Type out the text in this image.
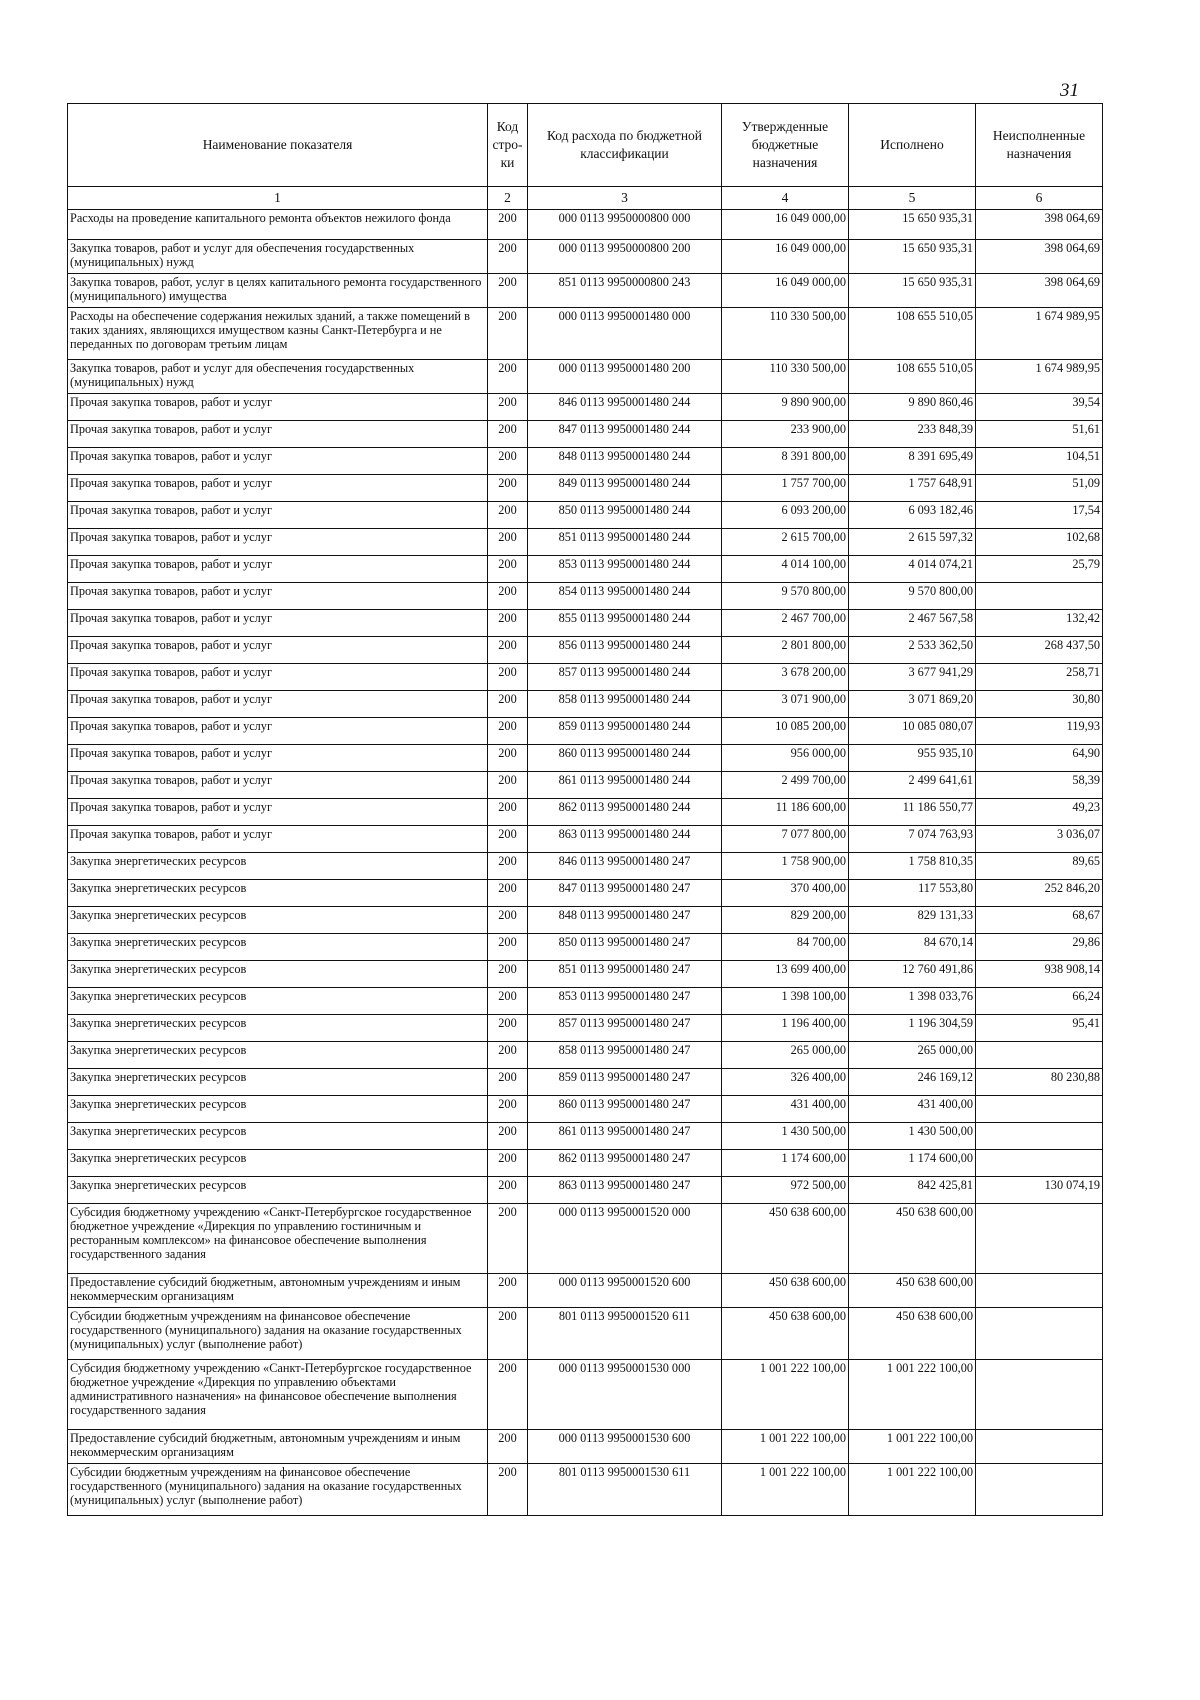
31
Наименование показателя	Код стро-ки	Код расхода по бюджетной классификации	Утвержденные бюджетные назначения	Исполнено	Неисполненные назначения
1	2	3	4	5	6
Расходы на проведение капитального ремонта объектов нежилого фонда	200	000 0113 9950000800 000	16 049 000,00	15 650 935,31	398 064,69
Закупка товаров, работ и услуг для обеспечения государственных (муниципальных) нужд	200	000 0113 9950000800 200	16 049 000,00	15 650 935,31	398 064,69
Закупка товаров, работ, услуг в целях капитального ремонта государственного (муниципального) имущества	200	851 0113 9950000800 243	16 049 000,00	15 650 935,31	398 064,69
Расходы на обеспечение содержания нежилых зданий, а также помещений в таких зданиях, являющихся имуществом казны Санкт-Петербурга и не переданных по договорам третьим лицам	200	000 0113 9950001480 000	110 330 500,00	108 655 510,05	1 674 989,95
Закупка товаров, работ и услуг для обеспечения государственных (муниципальных) нужд	200	000 0113 9950001480 200	110 330 500,00	108 655 510,05	1 674 989,95
Прочая закупка товаров, работ и услуг	200	846 0113 9950001480 244	9 890 900,00	9 890 860,46	39,54
Прочая закупка товаров, работ и услуг	200	847 0113 9950001480 244	233 900,00	233 848,39	51,61
Прочая закупка товаров, работ и услуг	200	848 0113 9950001480 244	8 391 800,00	8 391 695,49	104,51
Прочая закупка товаров, работ и услуг	200	849 0113 9950001480 244	1 757 700,00	1 757 648,91	51,09
Прочая закупка товаров, работ и услуг	200	850 0113 9950001480 244	6 093 200,00	6 093 182,46	17,54
Прочая закупка товаров, работ и услуг	200	851 0113 9950001480 244	2 615 700,00	2 615 597,32	102,68
Прочая закупка товаров, работ и услуг	200	853 0113 9950001480 244	4 014 100,00	4 014 074,21	25,79
Прочая закупка товаров, работ и услуг	200	854 0113 9950001480 244	9 570 800,00	9 570 800,00	
Прочая закупка товаров, работ и услуг	200	855 0113 9950001480 244	2 467 700,00	2 467 567,58	132,42
Прочая закупка товаров, работ и услуг	200	856 0113 9950001480 244	2 801 800,00	2 533 362,50	268 437,50
Прочая закупка товаров, работ и услуг	200	857 0113 9950001480 244	3 678 200,00	3 677 941,29	258,71
Прочая закупка товаров, работ и услуг	200	858 0113 9950001480 244	3 071 900,00	3 071 869,20	30,80
Прочая закупка товаров, работ и услуг	200	859 0113 9950001480 244	10 085 200,00	10 085 080,07	119,93
Прочая закупка товаров, работ и услуг	200	860 0113 9950001480 244	956 000,00	955 935,10	64,90
Прочая закупка товаров, работ и услуг	200	861 0113 9950001480 244	2 499 700,00	2 499 641,61	58,39
Прочая закупка товаров, работ и услуг	200	862 0113 9950001480 244	11 186 600,00	11 186 550,77	49,23
Прочая закупка товаров, работ и услуг	200	863 0113 9950001480 244	7 077 800,00	7 074 763,93	3 036,07
Закупка энергетических ресурсов	200	846 0113 9950001480 247	1 758 900,00	1 758 810,35	89,65
Закупка энергетических ресурсов	200	847 0113 9950001480 247	370 400,00	117 553,80	252 846,20
Закупка энергетических ресурсов	200	848 0113 9950001480 247	829 200,00	829 131,33	68,67
Закупка энергетических ресурсов	200	850 0113 9950001480 247	84 700,00	84 670,14	29,86
Закупка энергетических ресурсов	200	851 0113 9950001480 247	13 699 400,00	12 760 491,86	938 908,14
Закупка энергетических ресурсов	200	853 0113 9950001480 247	1 398 100,00	1 398 033,76	66,24
Закупка энергетических ресурсов	200	857 0113 9950001480 247	1 196 400,00	1 196 304,59	95,41
Закупка энергетических ресурсов	200	858 0113 9950001480 247	265 000,00	265 000,00	
Закупка энергетических ресурсов	200	859 0113 9950001480 247	326 400,00	246 169,12	80 230,88
Закупка энергетических ресурсов	200	860 0113 9950001480 247	431 400,00	431 400,00	
Закупка энергетических ресурсов	200	861 0113 9950001480 247	1 430 500,00	1 430 500,00	
Закупка энергетических ресурсов	200	862 0113 9950001480 247	1 174 600,00	1 174 600,00	
Закупка энергетических ресурсов	200	863 0113 9950001480 247	972 500,00	842 425,81	130 074,19
Субсидия бюджетному учреждению «Санкт-Петербургское государственное бюджетное учреждение «Дирекция по управлению гостиничным и ресторанным комплексом» на финансовое обеспечение выполнения государственного задания	200	000 0113 9950001520 000	450 638 600,00	450 638 600,00	
Предоставление субсидий бюджетным, автономным учреждениям и иным некоммерческим организациям	200	000 0113 9950001520 600	450 638 600,00	450 638 600,00	
Субсидии бюджетным учреждениям на финансовое обеспечение государственного (муниципального) задания на оказание государственных (муниципальных) услуг (выполнение работ)	200	801 0113 9950001520 611	450 638 600,00	450 638 600,00	
Субсидия бюджетному учреждению «Санкт-Петербургское государственное бюджетное учреждение «Дирекция по управлению объектами административного назначения» на финансовое обеспечение выполнения государственного задания	200	000 0113 9950001530 000	1 001 222 100,00	1 001 222 100,00	
Предоставление субсидий бюджетным, автономным учреждениям и иным некоммерческим организациям	200	000 0113 9950001530 600	1 001 222 100,00	1 001 222 100,00	
Субсидии бюджетным учреждениям на финансовое обеспечение государственного (муниципального) задания на оказание государственных (муниципальных) услуг (выполнение работ)	200	801 0113 9950001530 611	1 001 222 100,00	1 001 222 100,00	
